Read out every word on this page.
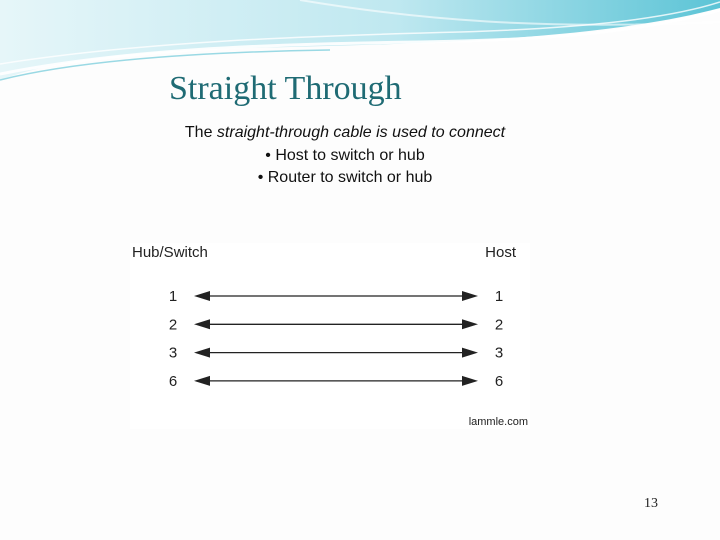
Straight Through
The straight-through cable is used to connect
• Host to switch or hub
• Router to switch or hub
Hub/Switch	Host
1	1
2	2
3	3
6	6
lammle.com
13
